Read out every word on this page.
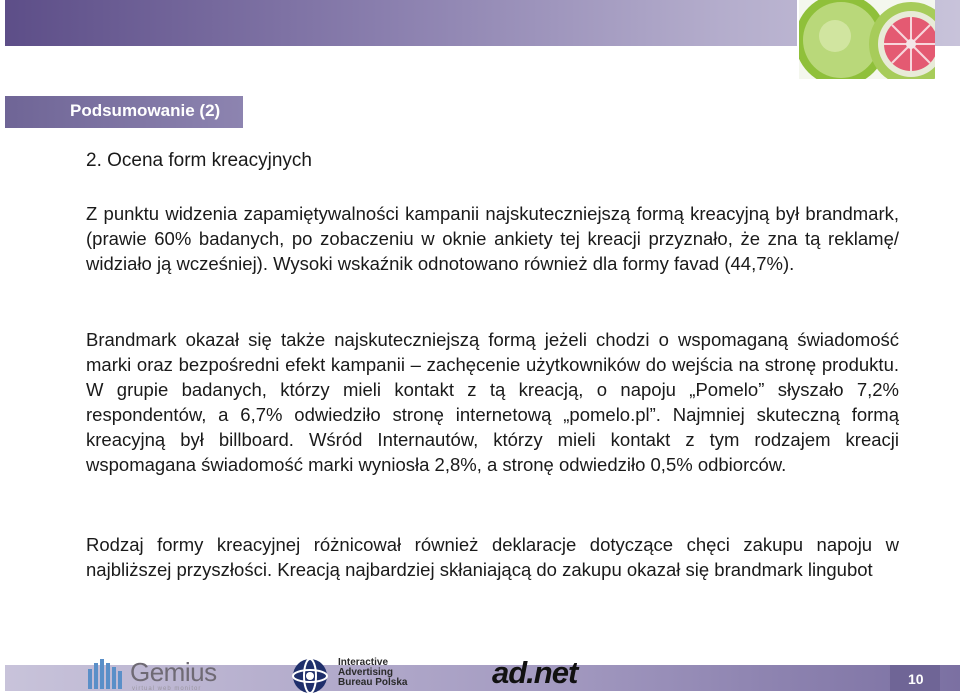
Podsumowanie (2)
2. Ocena form kreacyjnych

Z punktu widzenia zapamiętywalności kampanii najskuteczniejszą formą kreacyjną był brandmark, (prawie 60% badanych, po zobaczeniu w oknie ankiety tej kreacji przyznało, że zna tą reklamę/ widziało ją wcześniej). Wysoki wskaźnik odnotowano również dla formy favad (44,7%).

Brandmark okazał się także najskuteczniejszą formą jeżeli chodzi o wspomaganą świadomość marki oraz bezpośredni efekt kampanii – zachęcenie użytkowników do wejścia na stronę produktu. W grupie badanych, którzy mieli kontakt z tą kreacją, o napoju „Pomelo” słyszało 7,2% respondentów, a 6,7% odwiedziło stronę internetową „pomelo.pl”. Najmniej skuteczną formą kreacyjną był billboard. Wśród Internautów, którzy mieli kontakt z tym rodzajem kreacji wspomagana świadomość marki wyniosła 2,8%, a stronę odwiedziło 0,5% odbiorców.

Rodzaj formy kreacyjnej różnicował również deklaracje dotyczące chęci zakupu napoju w najbliższej przyszłości. Kreacją najbardziej skłaniającą do zakupu okazał się brandmark lingubot

10
Gemius
virtual web monitor
Interactive
Advertising
Bureau Polska	ad.net
